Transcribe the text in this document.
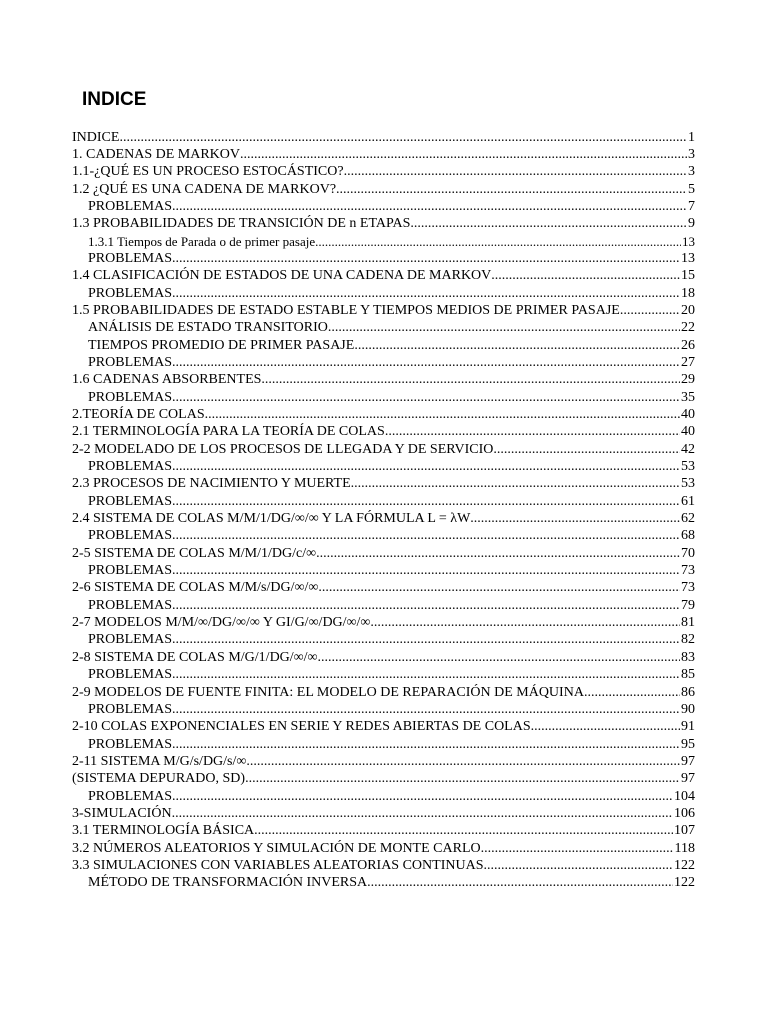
INDICE
INDICE .....	1
1. CADENAS DE MARKOV .....	3
1.1-¿QUÉ ES UN PROCESO ESTOCÁSTICO? .....	3
1.2 ¿QUÉ ES UNA CADENA DE MARKOV? .....	5
PROBLEMAS .....	7
1.3 PROBABILIDADES DE TRANSICIÓN DE n ETAPAS .....	9
1.3.1 Tiempos de Parada o de primer pasaje .....	13
PROBLEMAS .....	13
1.4 CLASIFICACIÓN DE ESTADOS DE UNA CADENA DE MARKOV .....	15
PROBLEMAS .....	18
1.5 PROBABILIDADES DE ESTADO ESTABLE Y TIEMPOS MEDIOS DE PRIMER PASAJE .....	20
ANÁLISIS DE ESTADO TRANSITORIO .....	22
TIEMPOS PROMEDIO DE PRIMER PASAJE .....	26
PROBLEMAS .....	27
1.6 CADENAS ABSORBENTES .....	29
PROBLEMAS .....	35
2.TEORÍA DE COLAS .....	40
2.1 TERMINOLOGÍA PARA LA TEORÍA DE COLAS .....	40
2-2 MODELADO DE LOS PROCESOS DE LLEGADA Y DE SERVICIO .....	42
PROBLEMAS .....	53
2.3 PROCESOS DE NACIMIENTO Y MUERTE .....	53
PROBLEMAS .....	61
2.4 SISTEMA DE COLAS M/M/1/DG/∞/∞ Y LA FÓRMULA L = λW .....	62
PROBLEMAS .....	68
2-5 SISTEMA DE COLAS M/M/1/DG/c/∞. .....	70
PROBLEMAS .....	73
2-6 SISTEMA DE COLAS M/M/s/DG/∞/∞ .....	73
PROBLEMAS .....	79
2-7 MODELOS M/M/∞/DG/∞/∞ Y GI/G/∞/DG/∞/∞ .....	81
PROBLEMAS .....	82
2-8 SISTEMA DE COLAS M/G/1/DG/∞/∞ .....	83
PROBLEMAS .....	85
2-9 MODELOS DE FUENTE FINITA: EL MODELO DE REPARACIÓN DE MÁQUINA .....	86
PROBLEMAS .....	90
2-10 COLAS EXPONENCIALES EN SERIE Y REDES ABIERTAS DE COLAS .....	91
PROBLEMAS .....	95
2-11 SISTEMA M/G/s/DG/s/∞ .....	97
(SISTEMA DEPURADO, SD) .....	97
PROBLEMAS .....	104
3-SIMULACIÓN .....	106
3.1 TERMINOLOGÍA BÁSICA .....	107
3.2 NÚMEROS ALEATORIOS Y SIMULACIÓN DE MONTE CARLO .....	118
3.3 SIMULACIONES CON VARIABLES ALEATORIAS CONTINUAS .....	122
MÉTODO DE TRANSFORMACIÓN INVERSA .....	122
